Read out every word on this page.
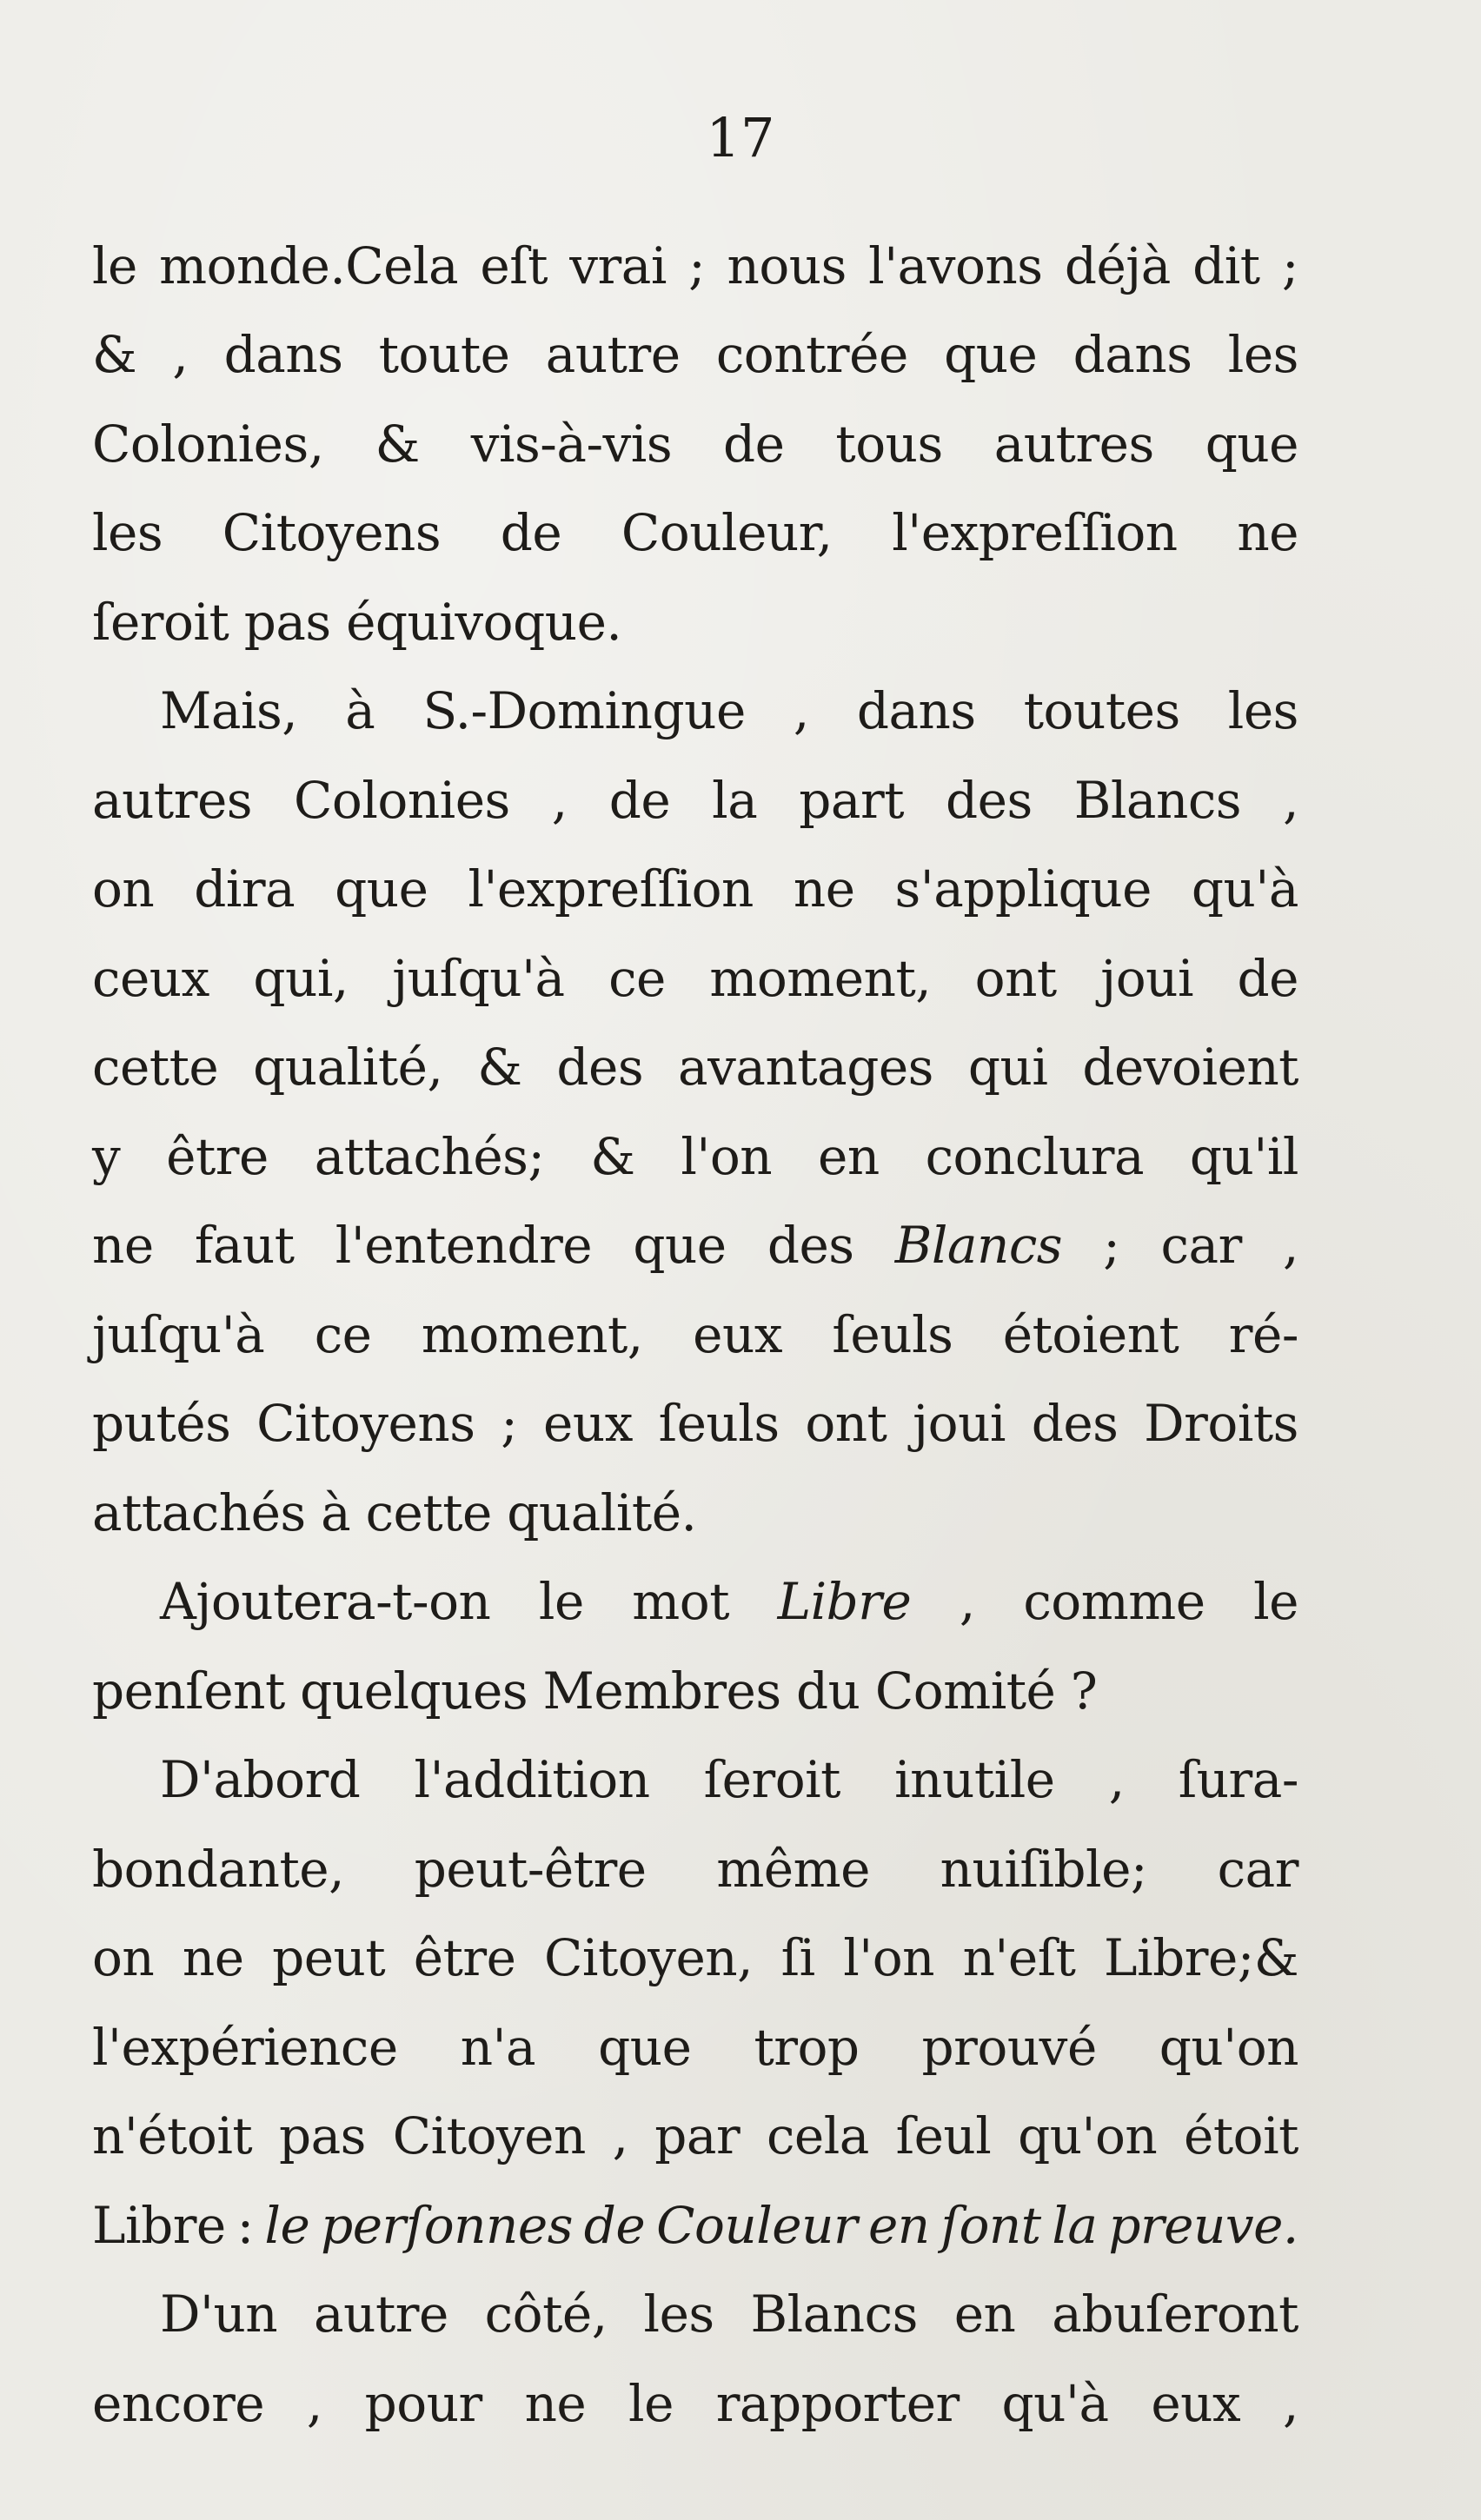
17
le monde.Cela eſt vrai ; nous l'avons déjà dit ;
& , dans toute autre contrée que dans les
Colonies, & vis-à-vis de tous autres que
les Citoyens de Couleur, l'expreſſion ne
ſeroit pas équivoque.
Mais, à S.-Domingue , dans toutes les
autres Colonies , de la part des Blancs ,
on dira que l'expreſſion ne s'applique qu'à
ceux qui, juſqu'à ce moment, ont joui de
cette qualité, & des avantages qui devoient
y être attachés; & l'on en conclura qu'il
ne faut l'entendre que des Blancs ; car ,
juſqu'à ce moment, eux ſeuls étoient ré-
putés Citoyens ; eux ſeuls ont joui des Droits
attachés à cette qualité.
Ajoutera-t-on le mot Libre , comme le
penſent quelques Membres du Comité ?
D'abord l'addition ſeroit inutile , ſura-
bondante, peut-être même nuiſible; car
on ne peut être Citoyen, ſi l'on n'eſt Libre;&
l'expérience n'a que trop prouvé qu'on
n'étoit pas Citoyen , par cela ſeul qu'on étoit
Libre : le perſonnes de Couleur en ſont la preuve.
D'un autre côté, les Blancs en abuſeront
encore , pour ne le rapporter qu'à eux ,
